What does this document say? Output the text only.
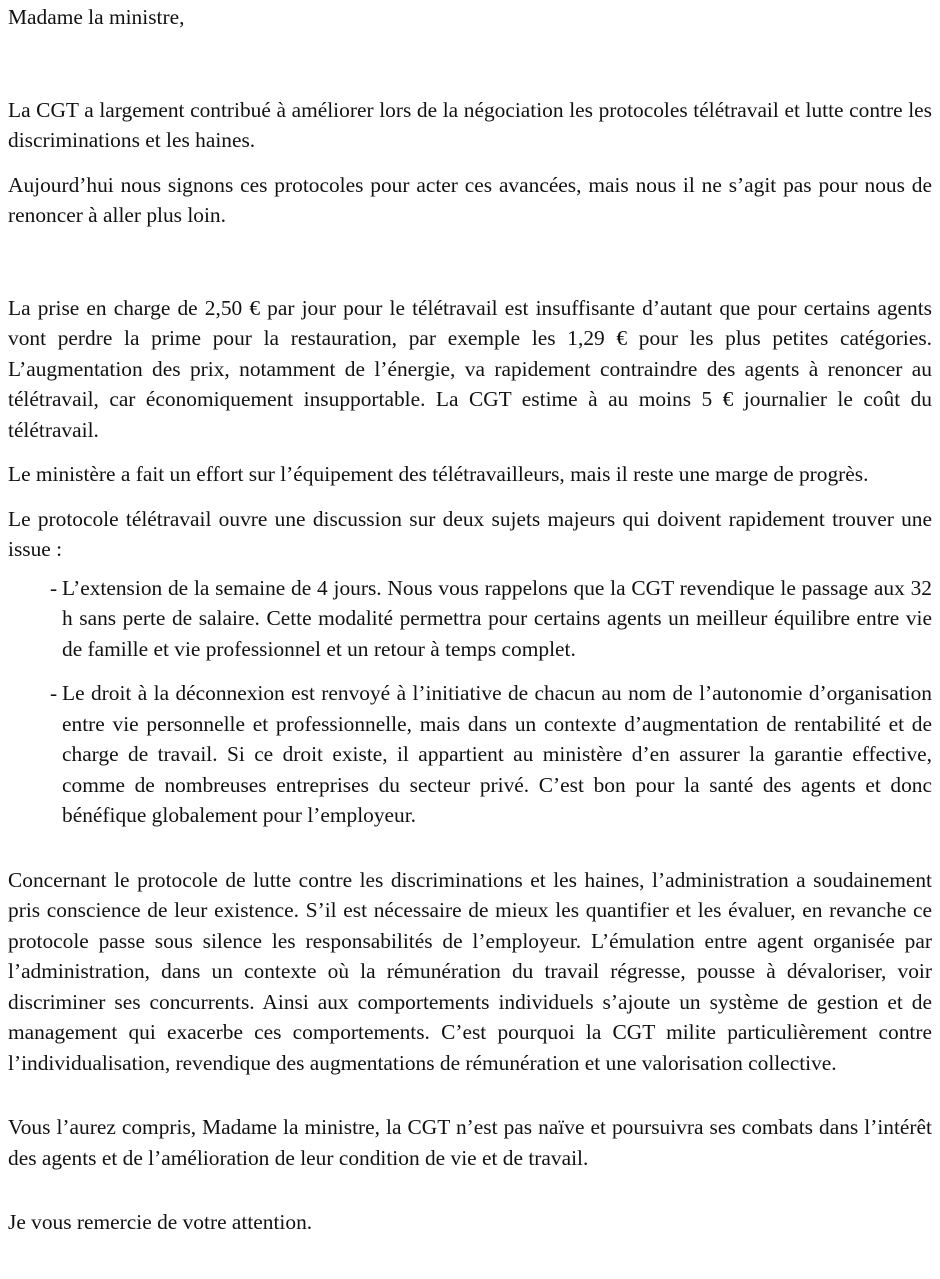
Madame la ministre,

La CGT a largement contribué à améliorer lors de la négociation les protocoles télétravail et lutte contre les discriminations et les haines.

Aujourd’hui nous signons ces protocoles pour acter ces avancées, mais nous il ne s’agit pas pour nous de renoncer à aller plus loin.

La prise en charge de 2,50 € par jour pour le télétravail est insuffisante d’autant que pour certains agents vont perdre la prime pour la restauration, par exemple les 1,29 € pour les plus petites catégories. L’augmentation des prix, notamment de l’énergie, va rapidement contraindre des agents à renoncer au télétravail, car économiquement insupportable. La CGT estime à au moins 5 € journalier le coût du télétravail.

Le ministère a fait un effort sur l’équipement des télétravailleurs, mais il reste une marge de progrès.

Le protocole télétravail ouvre une discussion sur deux sujets majeurs qui doivent rapidement trouver une issue :

- L’extension de la semaine de 4 jours. Nous vous rappelons que la CGT revendique le passage aux 32 h sans perte de salaire. Cette modalité permettra pour certains agents un meilleur équilibre entre vie de famille et vie professionnel et un retour à temps complet.
- Le droit à la déconnexion est renvoyé à l’initiative de chacun au nom de l’autonomie d’organisation entre vie personnelle et professionnelle, mais dans un contexte d’augmentation de rentabilité et de charge de travail. Si ce droit existe, il appartient au ministère d’en assurer la garantie effective, comme de nombreuses entreprises du secteur privé. C’est bon pour la santé des agents et donc bénéfique globalement pour l’employeur.

Concernant le protocole de lutte contre les discriminations et les haines, l’administration a soudainement pris conscience de leur existence. S’il est nécessaire de mieux les quantifier et les évaluer, en revanche ce protocole passe sous silence les responsabilités de l’employeur. L’émulation entre agent organisée par l’administration, dans un contexte où la rémunération du travail régresse, pousse à dévaloriser, voir discriminer ses concurrents. Ainsi aux comportements individuels s’ajoute un système de gestion et de management qui exacerbe ces comportements. C’est pourquoi la CGT milite particulièrement contre l’individualisation, revendique des augmentations de rémunération et une valorisation collective.

Vous l’aurez compris, Madame la ministre, la CGT n’est pas naïve et poursuivra ses combats dans l’intérêt des agents et de l’amélioration de leur condition de vie et de travail.

Je vous remercie de votre attention.
